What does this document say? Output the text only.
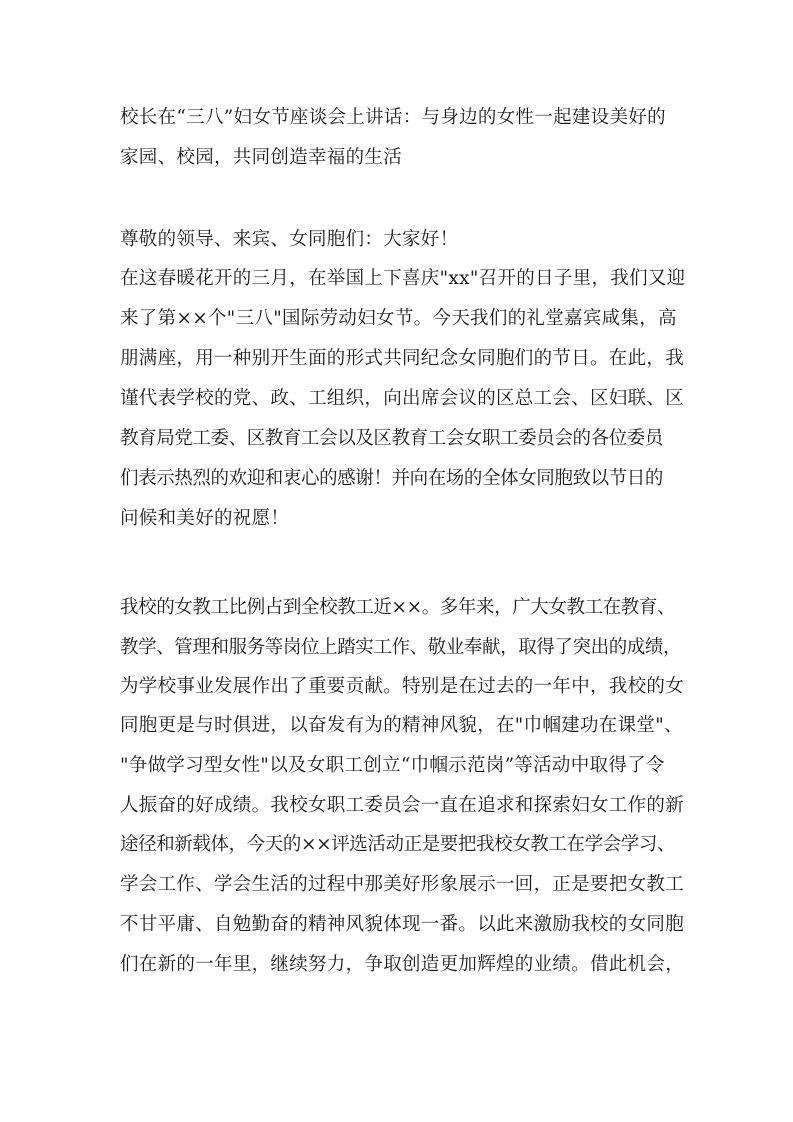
校长在“三八”妇女节座谈会上讲话：与身边的女性一起建设美好的
家园、校园，共同创造幸福的生活
尊敬的领导、来宾、女同胞们：大家好！
在这春暖花开的三月，在举国上下喜庆"xx"召开的日子里，我们又迎
来了第××个"三八"国际劳动妇女节。今天我们的礼堂嘉宾咸集，高
朋满座，用一种别开生面的形式共同纪念女同胞们的节日。在此，我
谨代表学校的党、政、工组织，向出席会议的区总工会、区妇联、区
教育局党工委、区教育工会以及区教育工会女职工委员会的各位委员
们表示热烈的欢迎和衷心的感谢！并向在场的全体女同胞致以节日的
问候和美好的祝愿！
我校的女教工比例占到全校教工近××。多年来，广大女教工在教育、
教学、管理和服务等岗位上踏实工作、敬业奉献，取得了突出的成绩，
为学校事业发展作出了重要贡献。特别是在过去的一年中，我校的女
同胞更是与时俱进，以奋发有为的精神风貌，在"巾帼建功在课堂"、
"争做学习型女性"以及女职工创立“巾帼示范岗”等活动中取得了令
人振奋的好成绩。我校女职工委员会一直在追求和探索妇女工作的新
途径和新载体，今天的××评选活动正是要把我校女教工在学会学习、
学会工作、学会生活的过程中那美好形象展示一回，正是要把女教工
不甘平庸、自勉勤奋的精神风貌体现一番。以此来激励我校的女同胞
们在新的一年里，继续努力，争取创造更加辉煌的业绩。借此机会，
